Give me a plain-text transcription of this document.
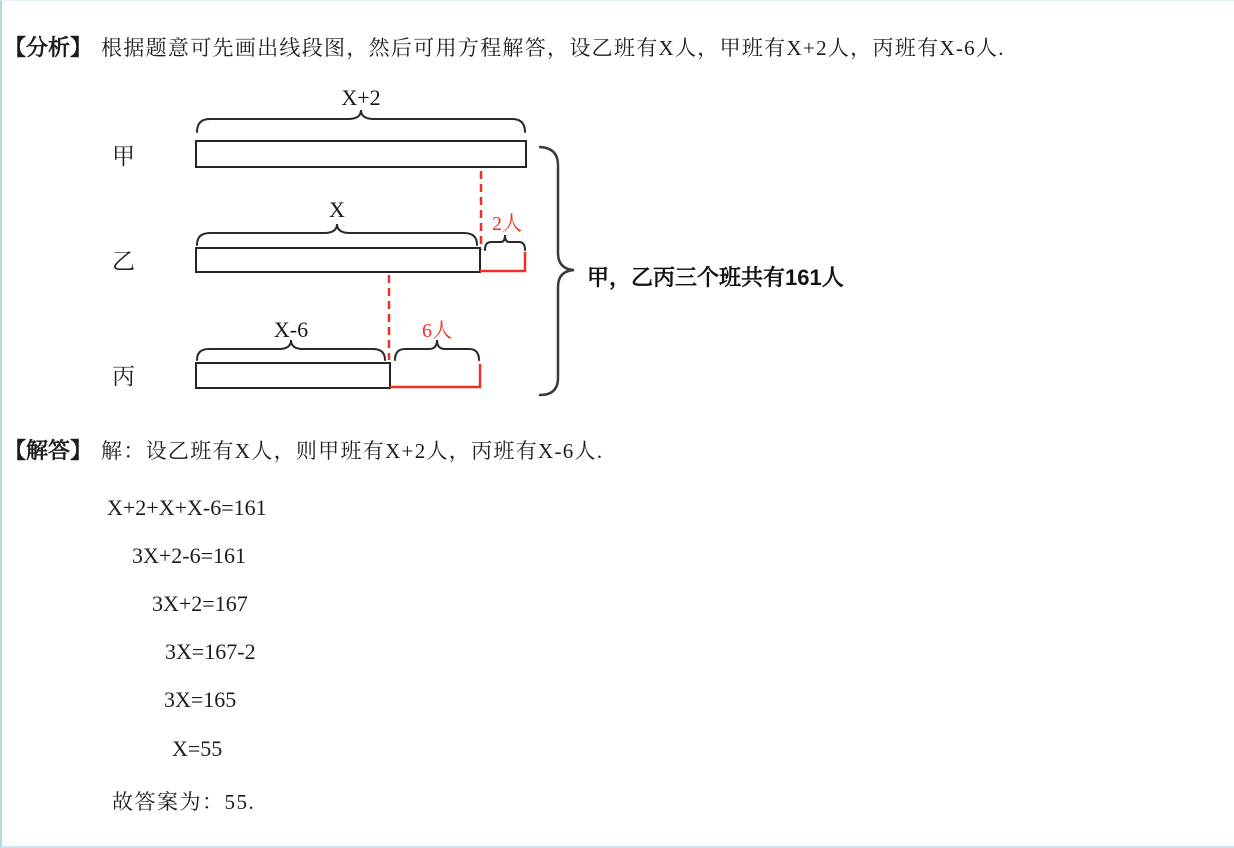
【分析】 根据题意可先画出线段图，然后可用方程解答，设乙班有X人，甲班有X+2人，丙班有X-6人.
甲
X+2
乙
X
2人
丙
X-6	6人
甲，乙丙三个班共有161人
【解答】 解：设乙班有X人，则甲班有X+2人，丙班有X-6人.
X+2+X+X-6=161
3X+2-6=161
3X+2=167
3X=167-2
3X=165
X=55
故答案为：55.
